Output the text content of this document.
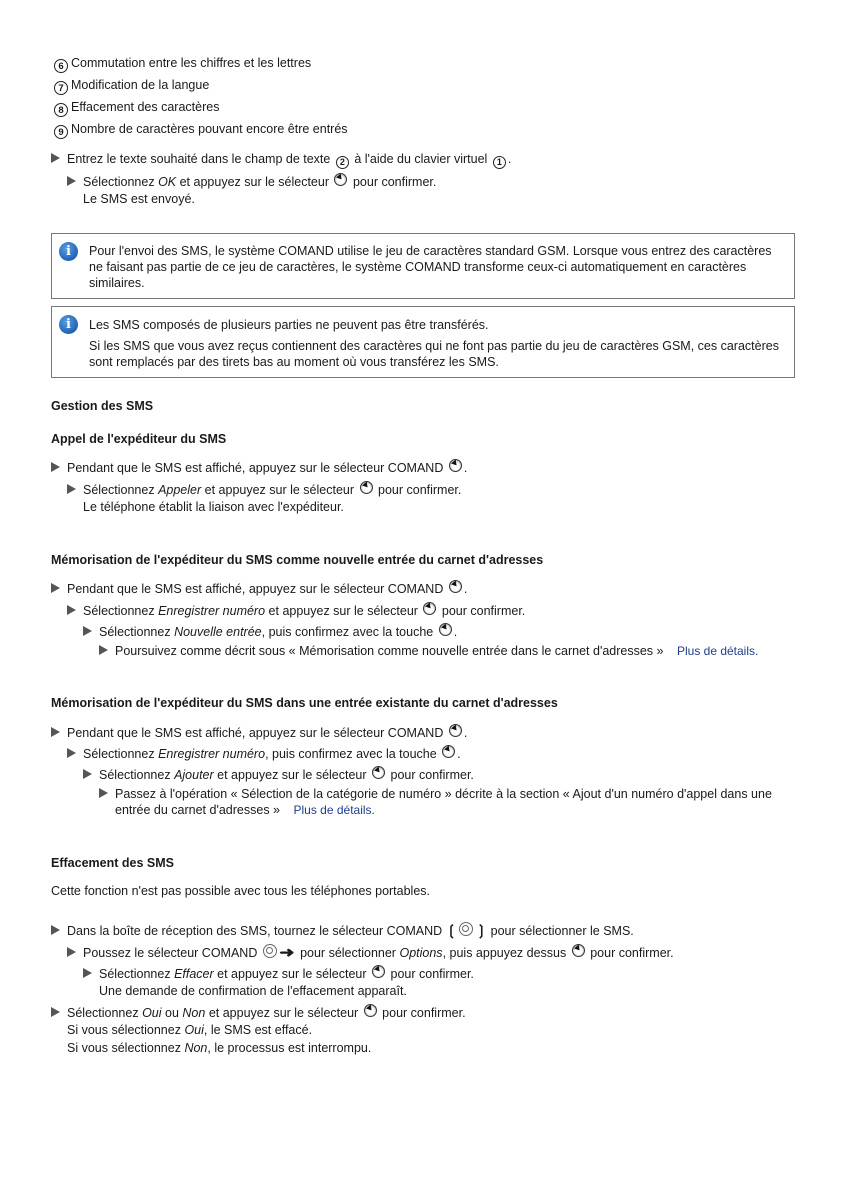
6 Commutation entre les chiffres et les lettres
7 Modification de la langue
8 Effacement des caractères
9 Nombre de caractères pouvant encore être entrés
Entrez le texte souhaité dans le champ de texte 2 à l'aide du clavier virtuel 1 .
Sélectionnez OK et appuyez sur le sélecteur pour confirmer.
Le SMS est envoyé.
i	Pour l'envoi des SMS, le système COMAND utilise le jeu de caractères standard GSM. Lorsque vous entrez des caractères ne faisant pas partie de ce jeu de caractères, le système COMAND transforme ceux-ci automatiquement en caractères similaires.
i	Les SMS composés de plusieurs parties ne peuvent pas être transférés.
Si les SMS que vous avez reçus contiennent des caractères qui ne font pas partie du jeu de caractères GSM, ces caractères sont remplacés par des tirets bas au moment où vous transférez les SMS.
Gestion des SMS
Appel de l'expéditeur du SMS
Pendant que le SMS est affiché, appuyez sur le sélecteur COMAND .
Sélectionnez Appeler et appuyez sur le sélecteur pour confirmer.
Le téléphone établit la liaison avec l'expéditeur.
Mémorisation de l'expéditeur du SMS comme nouvelle entrée du carnet d'adresses
Pendant que le SMS est affiché, appuyez sur le sélecteur COMAND .
Sélectionnez Enregistrer numéro et appuyez sur le sélecteur pour confirmer.
Sélectionnez Nouvelle entrée, puis confirmez avec la touche .
Poursuivez comme décrit sous « Mémorisation comme nouvelle entrée dans le carnet d'adresses » Plus de détails.
Mémorisation de l'expéditeur du SMS dans une entrée existante du carnet d'adresses
Pendant que le SMS est affiché, appuyez sur le sélecteur COMAND .
Sélectionnez Enregistrer numéro, puis confirmez avec la touche .
Sélectionnez Ajouter et appuyez sur le sélecteur pour confirmer.
Passez à l'opération « Sélection de la catégorie de numéro » décrite à la section « Ajout d'un numéro d'appel dans une
entrée du carnet d'adresses » Plus de détails.
Effacement des SMS
Cette fonction n'est pas possible avec tous les téléphones portables.
Dans la boîte de réception des SMS, tournez le sélecteur COMAND ❲ ❳ pour sélectionner le SMS.
Poussez le sélecteur COMAND ➜ pour sélectionner Options, puis appuyez dessus pour confirmer.
Sélectionnez Effacer et appuyez sur le sélecteur pour confirmer.
Une demande de confirmation de l'effacement apparaît.
Sélectionnez Oui ou Non et appuyez sur le sélecteur pour confirmer.
Si vous sélectionnez Oui, le SMS est effacé.
Si vous sélectionnez Non, le processus est interrompu.
